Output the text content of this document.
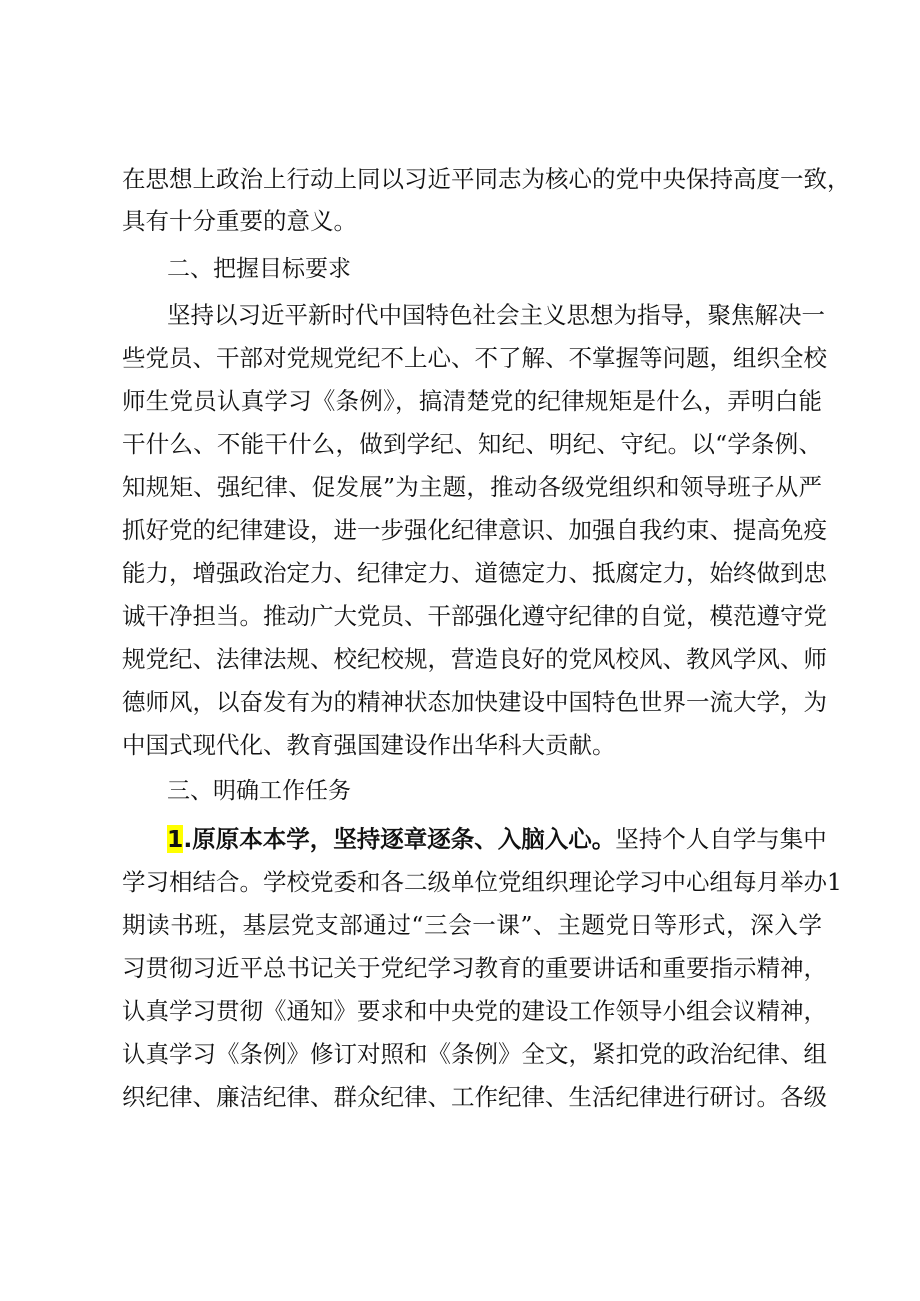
在思想上政治上行动上同以习近平同志为核心的党中央保持高度一致，
具有十分重要的意义。
二、把握目标要求
坚持以习近平新时代中国特色社会主义思想为指导，聚焦解决一
些党员、干部对党规党纪不上心、不了解、不掌握等问题，组织全校
师生党员认真学习《条例》，搞清楚党的纪律规矩是什么，弄明白能
干什么、不能干什么，做到学纪、知纪、明纪、守纪。以“学条例、
知规矩、强纪律、促发展”为主题，推动各级党组织和领导班子从严
抓好党的纪律建设，进一步强化纪律意识、加强自我约束、提高免疫
能力，增强政治定力、纪律定力、道德定力、抵腐定力，始终做到忠
诚干净担当。推动广大党员、干部强化遵守纪律的自觉，模范遵守党
规党纪、法律法规、校纪校规，营造良好的党风校风、教风学风、师
德师风，以奋发有为的精神状态加快建设中国特色世界一流大学，为
中国式现代化、教育强国建设作出华科大贡献。
三、明确工作任务
1.原原本本学，坚持逐章逐条、入脑入心。坚持个人自学与集中
学习相结合。学校党委和各二级单位党组织理论学习中心组每月举办1
期读书班，基层党支部通过“三会一课”、主题党日等形式，深入学
习贯彻习近平总书记关于党纪学习教育的重要讲话和重要指示精神，
认真学习贯彻《通知》要求和中央党的建设工作领导小组会议精神，
认真学习《条例》修订对照和《条例》全文，紧扣党的政治纪律、组
织纪律、廉洁纪律、群众纪律、工作纪律、生活纪律进行研讨。各级
